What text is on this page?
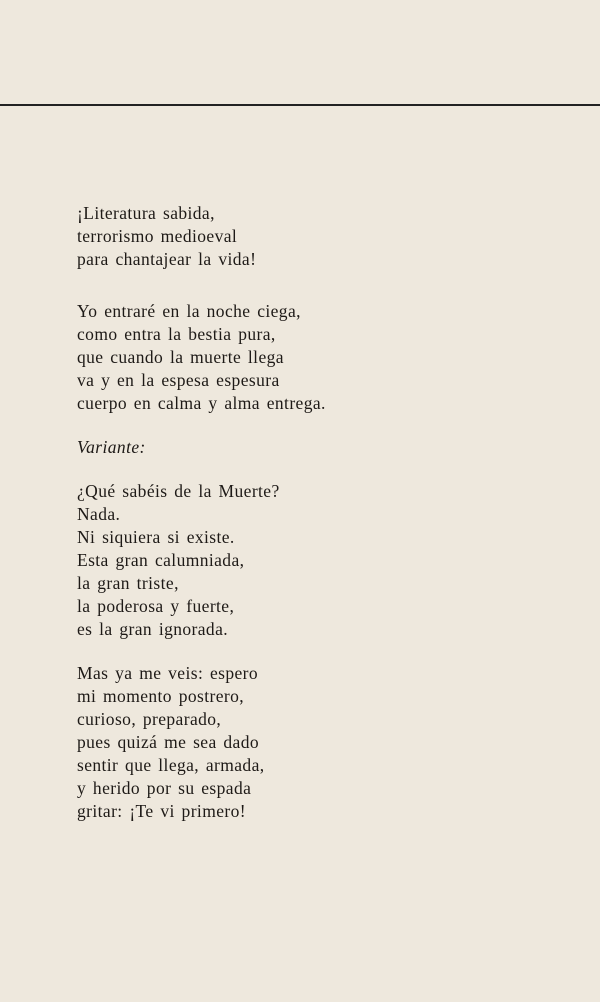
¡Literatura sabida,
terrorismo medioeval
para chantajear la vida!
Yo entraré en la noche ciega,
como entra la bestia pura,
que cuando la muerte llega
va y en la espesa espesura
cuerpo en calma y alma entrega.
Variante:
¿Qué sabéis de la Muerte?
Nada.
Ni siquiera si existe.
Esta gran calumniada,
la gran triste,
la poderosa y fuerte,
es la gran ignorada.
Mas ya me veis: espero
mi momento postrero,
curioso, preparado,
pues quizá me sea dado
sentir que llega, armada,
y herido por su espada
gritar: ¡Te vi primero!
